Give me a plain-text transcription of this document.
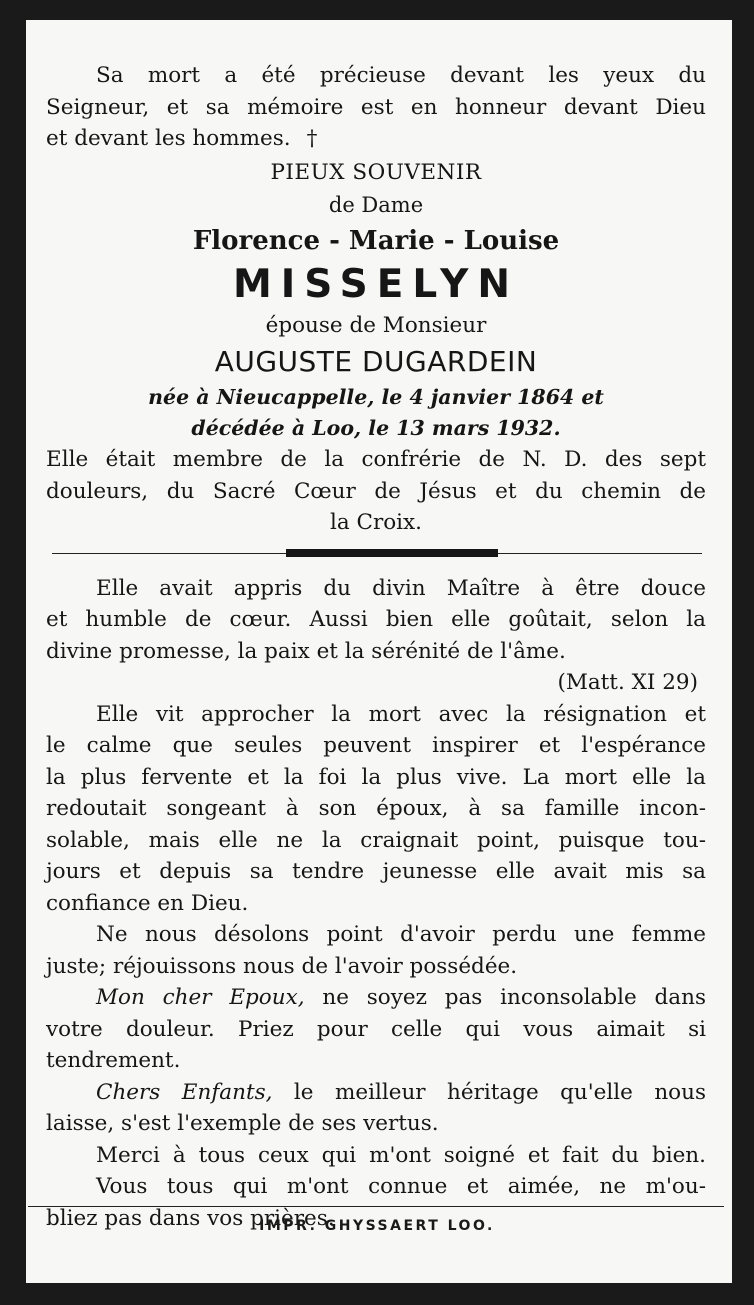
Sa mort a été précieuse devant les yeux du

Seigneur, et sa mémoire est en honneur devant Dieu

et devant les hommes. †

PIEUX SOUVENIR

de Dame

Florence - Marie - Louise

MISSELYN

épouse de Monsieur

AUGUSTE DUGARDEIN

née à Nieucappelle, le 4 janvier 1864 et

décédée à Loo, le 13 mars 1932.

Elle était membre de la confrérie de N. D. des sept

douleurs, du Sacré Cœur de Jésus et du chemin de

la Croix.

Elle avait appris du divin Maître à être douce

et humble de cœur. Aussi bien elle goûtait, selon la

divine promesse, la paix et la sérénité de l'âme.

(Matt. XI 29)

Elle vit approcher la mort avec la résignation et

le calme que seules peuvent inspirer et l'espérance

la plus fervente et la foi la plus vive. La mort elle la

redoutait songeant à son époux, à sa famille incon-

solable, mais elle ne la craignait point, puisque tou-

jours et depuis sa tendre jeunesse elle avait mis sa

confiance en Dieu.

Ne nous désolons point d'avoir perdu une femme

juste; réjouissons nous de l'avoir possédée.

Mon cher Epoux, ne soyez pas inconsolable dans

votre douleur. Priez pour celle qui vous aimait si

tendrement.

Chers Enfants, le meilleur héritage qu'elle nous

laisse, s'est l'exemple de ses vertus.

Merci à tous ceux qui m'ont soigné et fait du bien.

Vous tous qui m'ont connue et aimée, ne m'ou-

bliez pas dans vos prières.

IMPR. GHYSSAERT LOO.
